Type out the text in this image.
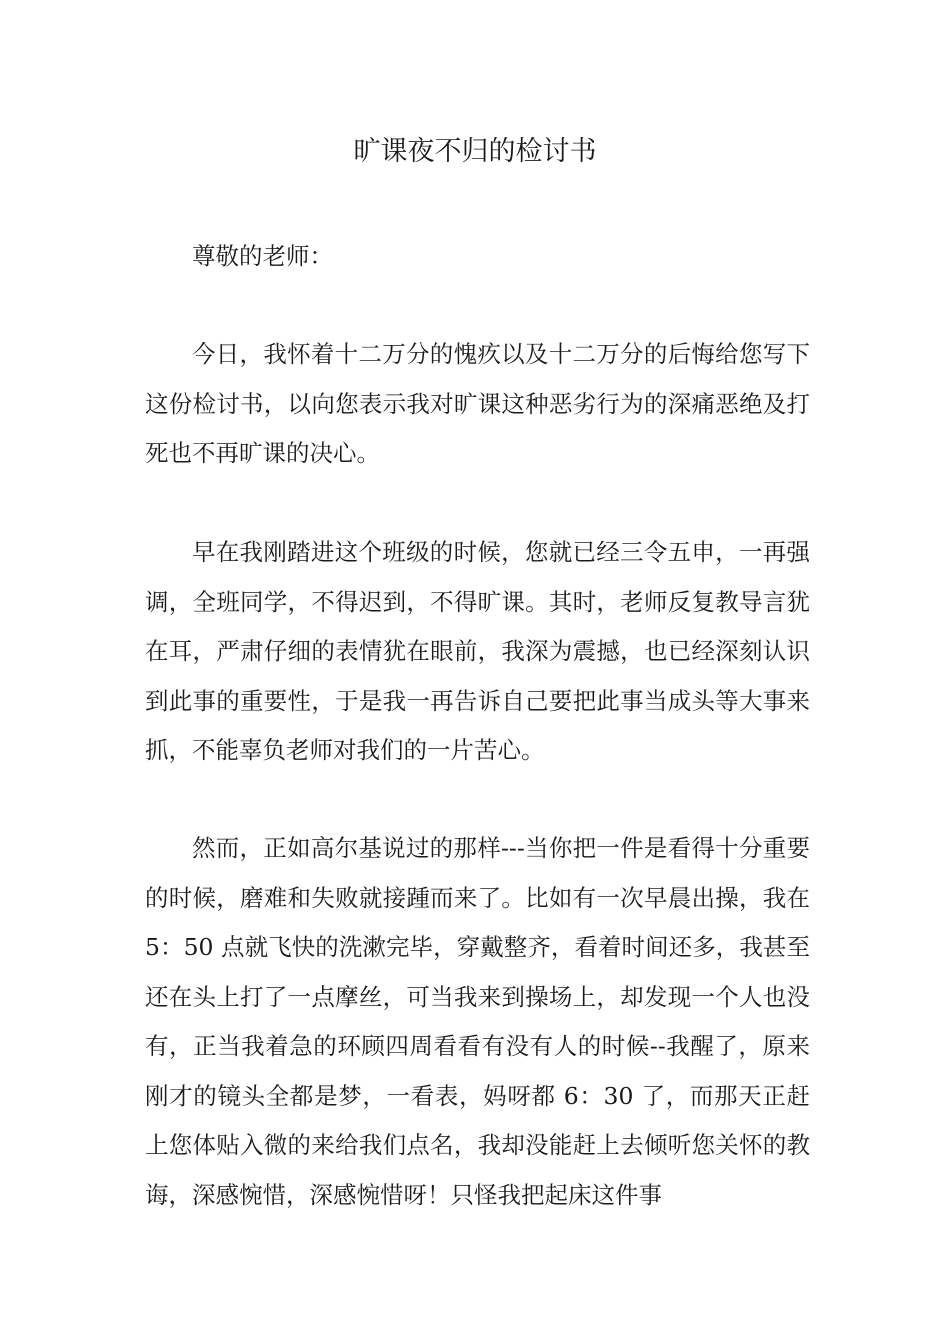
旷课夜不归的检讨书

尊敬的老师：

今日，我怀着十二万分的愧疚以及十二万分的后悔给您写下这份检讨书，以向您表示我对旷课这种恶劣行为的深痛恶绝及打死也不再旷课的决心。

早在我刚踏进这个班级的时候，您就已经三令五申，一再强调，全班同学，不得迟到，不得旷课。其时，老师反复教导言犹在耳，严肃仔细的表情犹在眼前，我深为震撼，也已经深刻认识到此事的重要性，于是我一再告诉自己要把此事当成头等大事来抓，不能辜负老师对我们的一片苦心。

然而，正如高尔基说过的那样---当你把一件是看得十分重要的时候，磨难和失败就接踵而来了。比如有一次早晨出操，我在 5：50 点就飞快的洗漱完毕，穿戴整齐，看着时间还多，我甚至还在头上打了一点摩丝，可当我来到操场上，却发现一个人也没有，正当我着急的环顾四周看看有没有人的时候--我醒了，原来刚才的镜头全都是梦，一看表，妈呀都 6：30 了，而那天正赶上您体贴入微的来给我们点名，我却没能赶上去倾听您关怀的教诲，深感惋惜，深感惋惜呀！只怪我把起床这件事
